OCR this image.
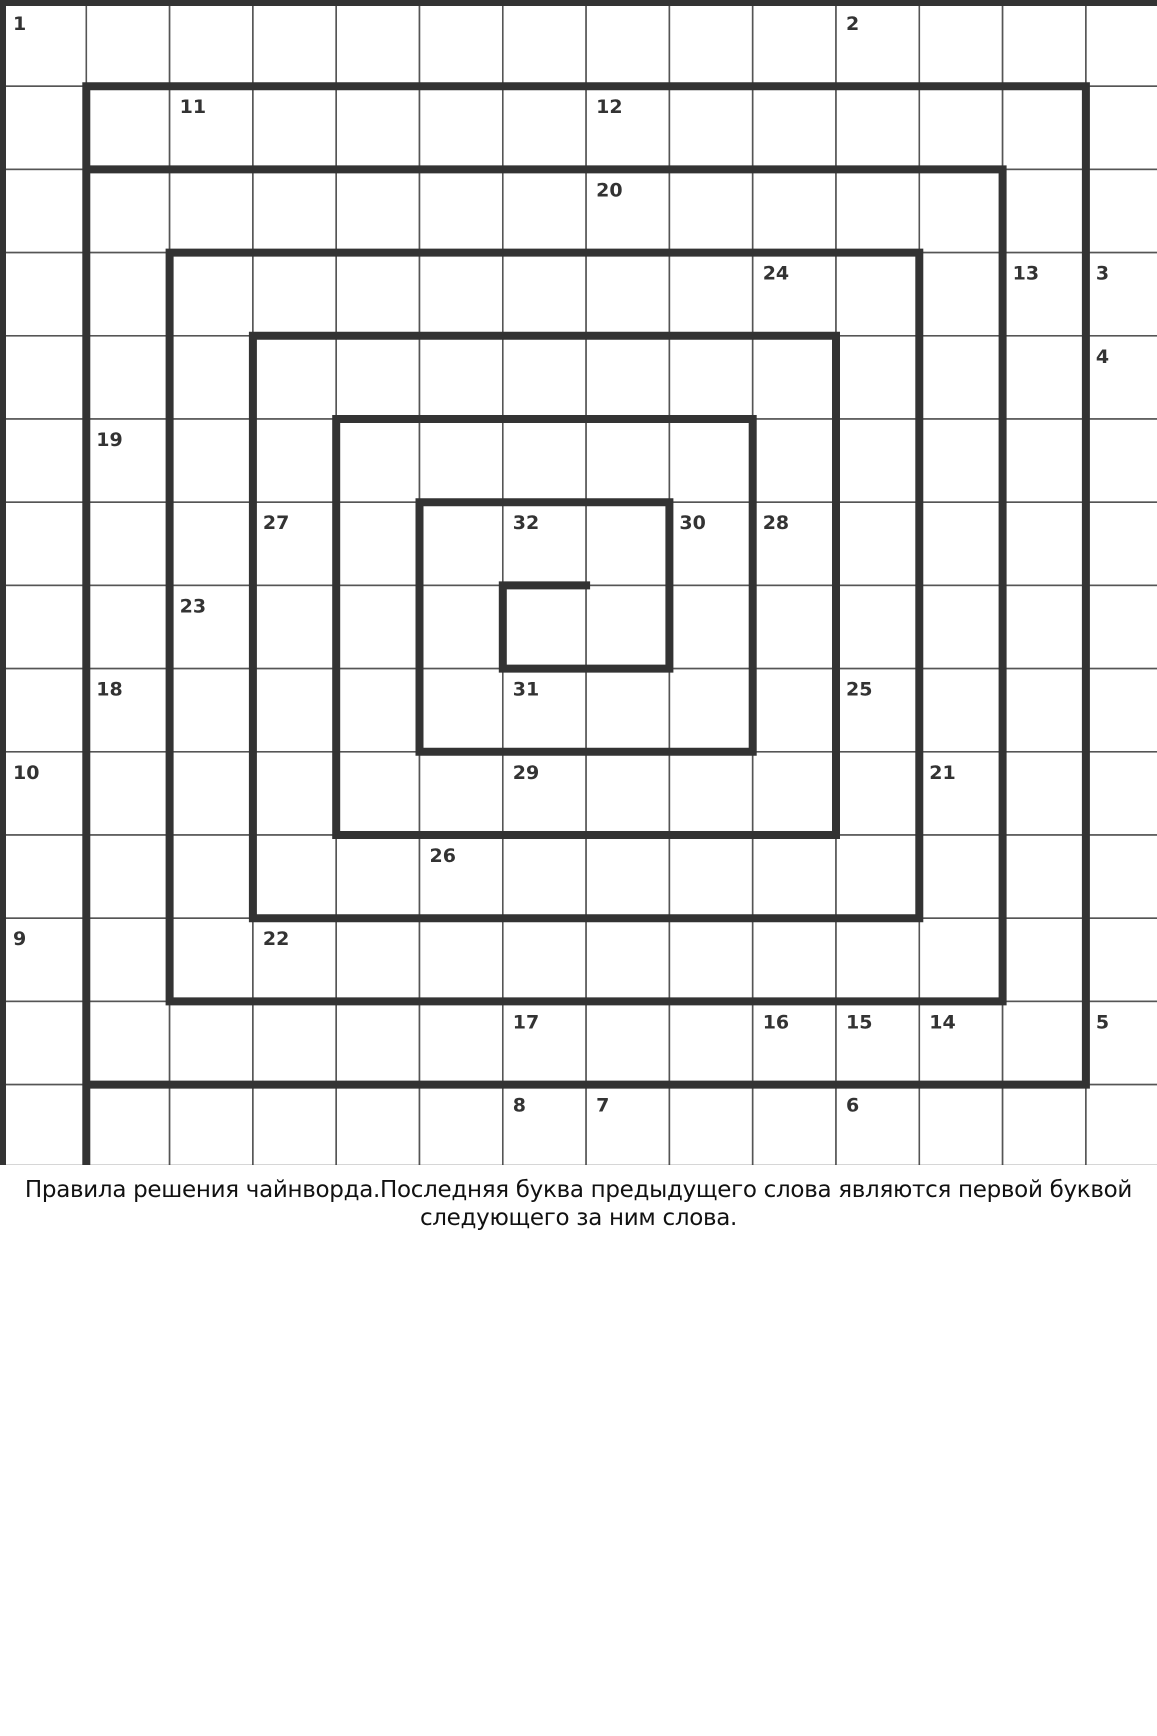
1	2
11	12
20
24	13	3
4
19
27	32	30	28
23
18	31	25
10	29	21
26
9	22
17	16	15	14	5
8	7	6

Правила решения чайнворда.Последняя буква предыдущего слова являются первой буквой следующего за ним слова.
